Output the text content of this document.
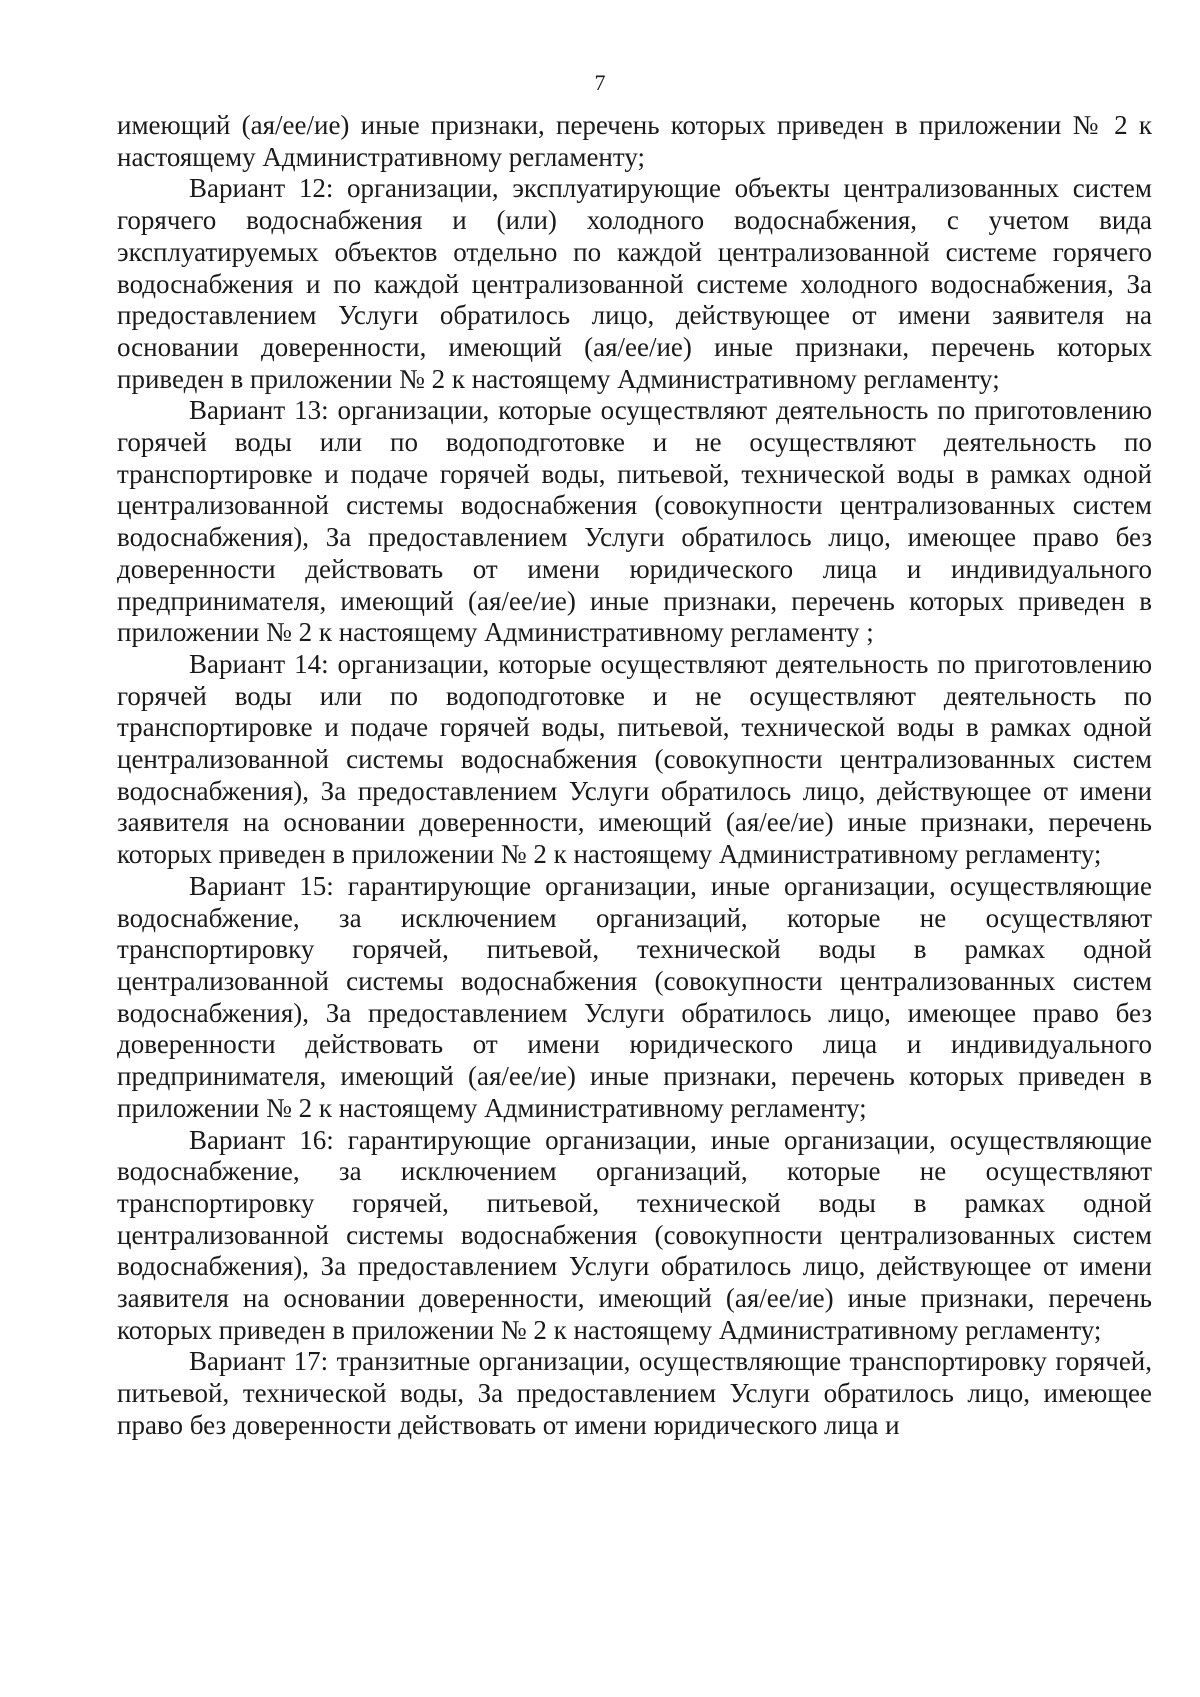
7

имеющий (ая/ее/ие) иные признаки, перечень которых приведен в приложении № 2 к настоящему Административному регламенту;

Вариант 12: организации, эксплуатирующие объекты централизованных систем горячего водоснабжения и (или) холодного водоснабжения, с учетом вида эксплуатируемых объектов отдельно по каждой централизованной системе горячего водоснабжения и по каждой централизованной системе холодного водоснабжения, За предоставлением Услуги обратилось лицо, действующее от имени заявителя на основании доверенности, имеющий (ая/ее/ие) иные признаки, перечень которых приведен в приложении № 2 к настоящему Административному регламенту;

Вариант 13: организации, которые осуществляют деятельность по приготовлению горячей воды или по водоподготовке и не осуществляют деятельность по транспортировке и подаче горячей воды, питьевой, технической воды в рамках одной централизованной системы водоснабжения (совокупности централизованных систем водоснабжения), За предоставлением Услуги обратилось лицо, имеющее право без доверенности действовать от имени юридического лица и индивидуального предпринимателя, имеющий (ая/ее/ие) иные признаки, перечень которых приведен в приложении № 2 к настоящему Административному регламенту ;

Вариант 14: организации, которые осуществляют деятельность по приготовлению горячей воды или по водоподготовке и не осуществляют деятельность по транспортировке и подаче горячей воды, питьевой, технической воды в рамках одной централизованной системы водоснабжения (совокупности централизованных систем водоснабжения), За предоставлением Услуги обратилось лицо, действующее от имени заявителя на основании доверенности, имеющий (ая/ее/ие) иные признаки, перечень которых приведен в приложении № 2 к настоящему Административному регламенту;

Вариант 15: гарантирующие организации, иные организации, осуществляющие водоснабжение, за исключением организаций, которые не осуществляют транспортировку горячей, питьевой, технической воды в рамках одной централизованной системы водоснабжения (совокупности централизованных систем водоснабжения), За предоставлением Услуги обратилось лицо, имеющее право без доверенности действовать от имени юридического лица и индивидуального предпринимателя, имеющий (ая/ее/ие) иные признаки, перечень которых приведен в приложении № 2 к настоящему Административному регламенту;

Вариант 16: гарантирующие организации, иные организации, осуществляющие водоснабжение, за исключением организаций, которые не осуществляют транспортировку горячей, питьевой, технической воды в рамках одной централизованной системы водоснабжения (совокупности централизованных систем водоснабжения), За предоставлением Услуги обратилось лицо, действующее от имени заявителя на основании доверенности, имеющий (ая/ее/ие) иные признаки, перечень которых приведен в приложении № 2 к настоящему Административному регламенту;

Вариант 17: транзитные организации, осуществляющие транспортировку горячей, питьевой, технической воды, За предоставлением Услуги обратилось лицо, имеющее право без доверенности действовать от имени юридического лица и
